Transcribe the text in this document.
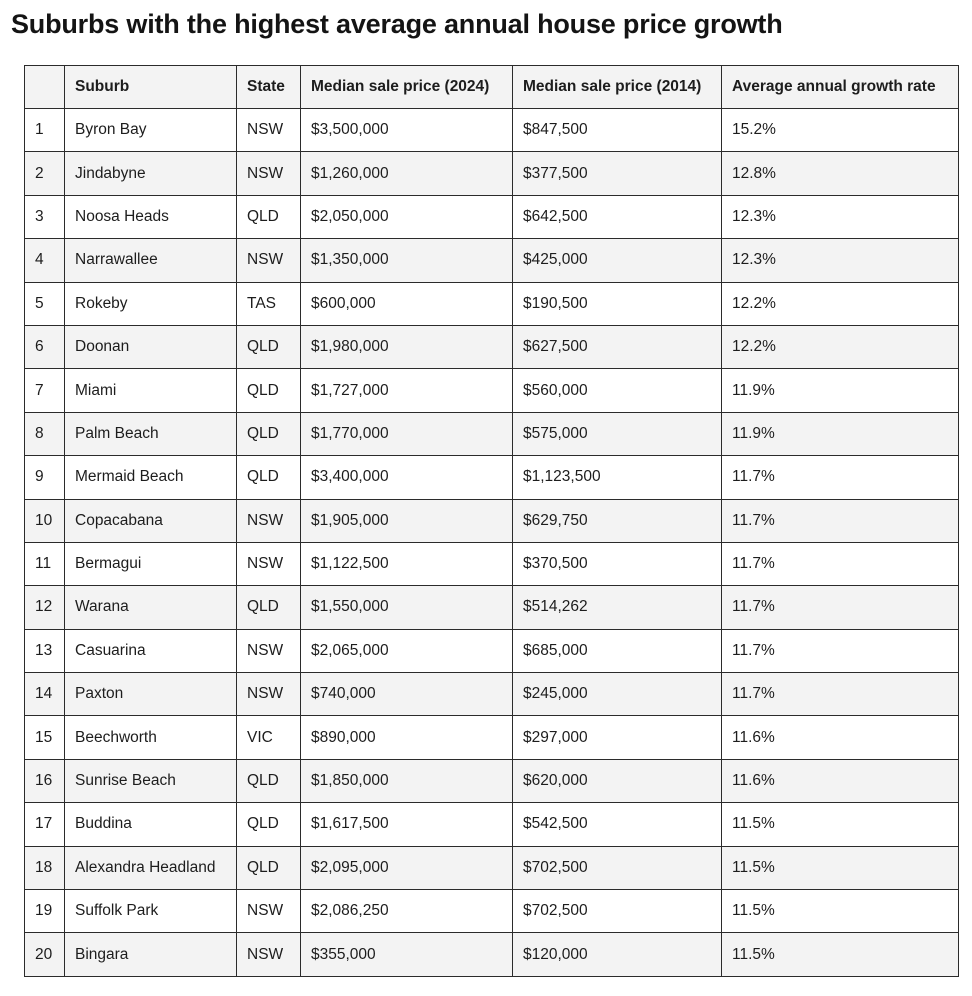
Suburbs with the highest average annual house price growth
	Suburb	State	Median sale price (2024)	Median sale price (2014)	Average annual growth rate
1	Byron Bay	NSW	$3,500,000	$847,500	15.2%
2	Jindabyne	NSW	$1,260,000	$377,500	12.8%
3	Noosa Heads	QLD	$2,050,000	$642,500	12.3%
4	Narrawallee	NSW	$1,350,000	$425,000	12.3%
5	Rokeby	TAS	$600,000	$190,500	12.2%
6	Doonan	QLD	$1,980,000	$627,500	12.2%
7	Miami	QLD	$1,727,000	$560,000	11.9%
8	Palm Beach	QLD	$1,770,000	$575,000	11.9%
9	Mermaid Beach	QLD	$3,400,000	$1,123,500	11.7%
10	Copacabana	NSW	$1,905,000	$629,750	11.7%
11	Bermagui	NSW	$1,122,500	$370,500	11.7%
12	Warana	QLD	$1,550,000	$514,262	11.7%
13	Casuarina	NSW	$2,065,000	$685,000	11.7%
14	Paxton	NSW	$740,000	$245,000	11.7%
15	Beechworth	VIC	$890,000	$297,000	11.6%
16	Sunrise Beach	QLD	$1,850,000	$620,000	11.6%
17	Buddina	QLD	$1,617,500	$542,500	11.5%
18	Alexandra Headland	QLD	$2,095,000	$702,500	11.5%
19	Suffolk Park	NSW	$2,086,250	$702,500	11.5%
20	Bingara	NSW	$355,000	$120,000	11.5%
